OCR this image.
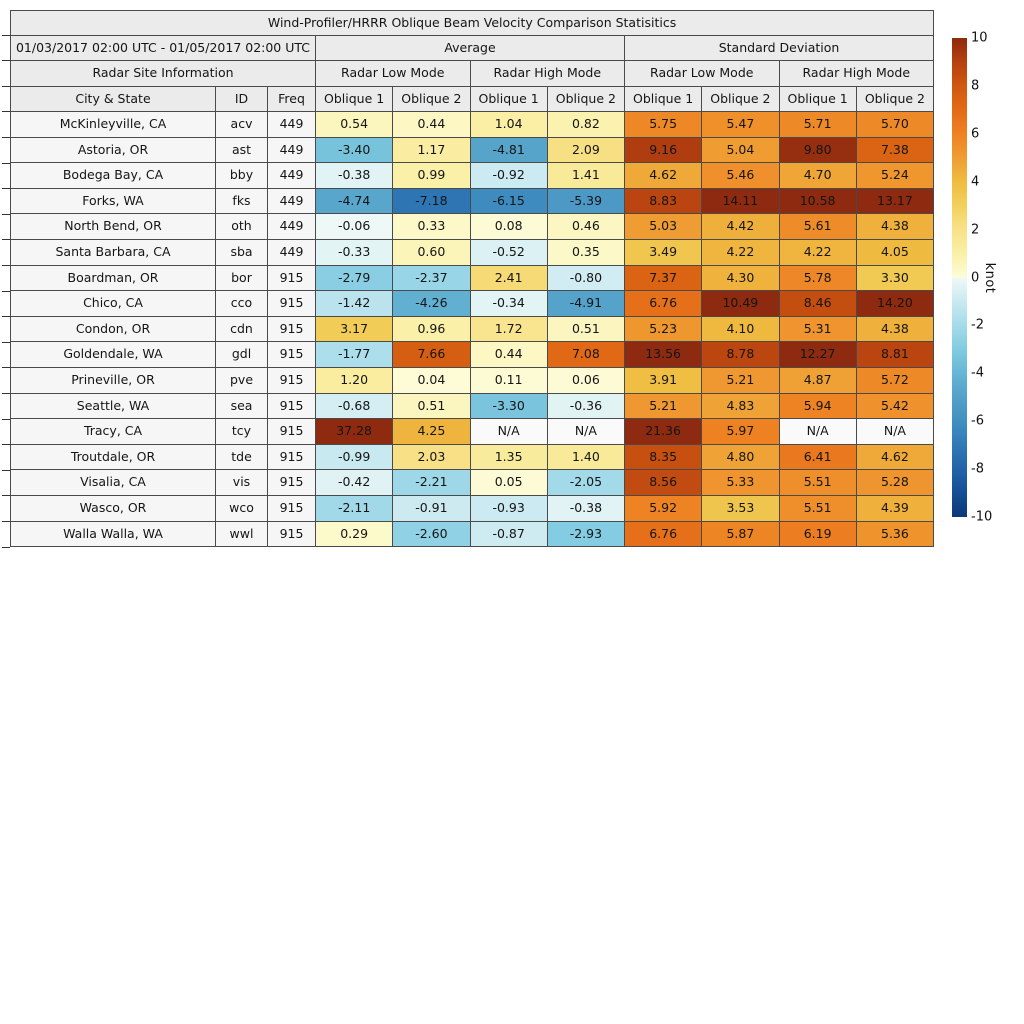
Wind-Profiler/HRRR Oblique Beam Velocity Comparison Statisitics										
01/03/2017 02:00 UTC - 01/05/2017 02:00 UTC			Average				Standard Deviation			
Radar Site Information			Radar Low Mode		Radar High Mode		Radar Low Mode		Radar High Mode	
City & State	ID	Freq	Oblique 1	Oblique 2	Oblique 1	Oblique 2	Oblique 1	Oblique 2	Oblique 1	Oblique 2
McKinleyville, CA	acv	449	0.54	0.44	1.04	0.82	5.75	5.47	5.71	5.70
Astoria, OR	ast	449	-3.40	1.17	-4.81	2.09	9.16	5.04	9.80	7.38
Bodega Bay, CA	bby	449	-0.38	0.99	-0.92	1.41	4.62	5.46	4.70	5.24
Forks, WA	fks	449	-4.74	-7.18	-6.15	-5.39	8.83	14.11	10.58	13.17
North Bend, OR	oth	449	-0.06	0.33	0.08	0.46	5.03	4.42	5.61	4.38
Santa Barbara, CA	sba	449	-0.33	0.60	-0.52	0.35	3.49	4.22	4.22	4.05
Boardman, OR	bor	915	-2.79	-2.37	2.41	-0.80	7.37	4.30	5.78	3.30
Chico, CA	cco	915	-1.42	-4.26	-0.34	-4.91	6.76	10.49	8.46	14.20
Condon, OR	cdn	915	3.17	0.96	1.72	0.51	5.23	4.10	5.31	4.38
Goldendale, WA	gdl	915	-1.77	7.66	0.44	7.08	13.56	8.78	12.27	8.81
Prineville, OR	pve	915	1.20	0.04	0.11	0.06	3.91	5.21	4.87	5.72
Seattle, WA	sea	915	-0.68	0.51	-3.30	-0.36	5.21	4.83	5.94	5.42
Tracy, CA	tcy	915	37.28	4.25	N/A	N/A	21.36	5.97	N/A	N/A
Troutdale, OR	tde	915	-0.99	2.03	1.35	1.40	8.35	4.80	6.41	4.62
Visalia, CA	vis	915	-0.42	-2.21	0.05	-2.05	8.56	5.33	5.51	5.28
Wasco, OR	wco	915	-2.11	-0.91	-0.93	-0.38	5.92	3.53	5.51	4.39
Walla Walla, WA	wwl	915	0.29	-2.60	-0.87	-2.93	6.76	5.87	6.19	5.36
10
8
6
4
2
0
-2
-4
-6
-8
-10
knot
